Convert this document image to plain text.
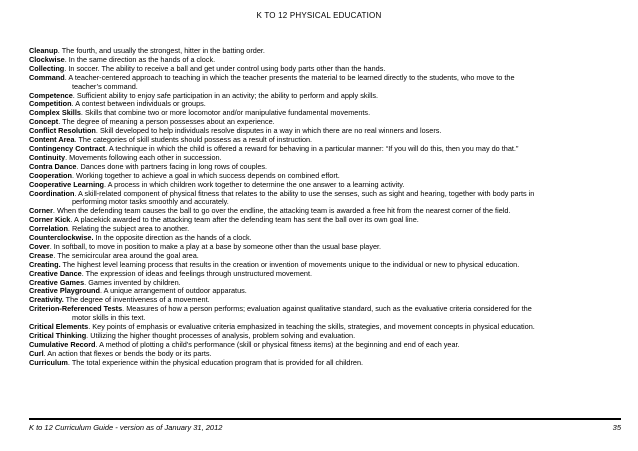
K TO 12 PHYSICAL EDUCATION

Cleanup. The fourth, and usually the strongest, hitter in the batting order.

Clockwise. In the same direction as the hands of a clock.

Collecting. In soccer. The ability to receive a ball and get under control using body parts other than the hands.

Command. A teacher-centered approach to teaching in which the teacher presents the material to be learned directly to the students, who move to the
teacher’s command.

Competence. Sufficient ability to enjoy safe participation in an activity; the ability to perform and apply skills.

Competition. A contest between individuals or groups.

Complex Skills. Skills that combine two or more locomotor and/or manipulative fundamental movements.

Concept. The degree of meaning a person possesses about an experience.

Conflict Resolution. Skill developed to help individuals resolve disputes in a way in which there are no real winners and losers.

Content Area. The categories of skill students should possess as a result of instruction.

Contingency Contract. A technique in which the child is offered a reward for behaving in a particular manner: “If you will do this, then you may do that.”

Continuity. Movements following each other in succession.

Contra Dance. Dances done with partners facing in long rows of couples.

Cooperation. Working together to achieve a goal in which success depends on combined effort.

Cooperative Learning. A process in which children work together to determine the one answer to a learning activity.

Coordination. A skill-related component of physical fitness that relates to the ability to use the senses, such as sight and hearing, together with body parts in
performing motor tasks smoothly and accurately.

Corner. When the defending team causes the ball to go over the endline, the attacking team is awarded a free hit from the nearest corner of the field.

Corner Kick. A placekick awarded to the attacking team after the defending team has sent the ball over its own goal line.

Correlation. Relating the subject area to another.

Counterclockwise. In the opposite direction as the hands of a clock.

Cover. In softball, to move in position to make a play at a base by someone other than the usual base player.

Crease. The semicircular area around the goal area.

Creating. The highest level learning process that results in the creation or invention of movements unique to the individual or new to physical education.

Creative Dance. The expression of ideas and feelings through unstructured movement.

Creative Games. Games invented by children.

Creative Playground. A unique arrangement of outdoor apparatus.

Creativity. The degree of inventiveness of a movement.

Criterion-Referenced Tests. Measures of how a person performs; evaluation against qualitative standard, such as the evaluative criteria considered for the
motor skills in this text.

Critical Elements. Key points of emphasis or evaluative criteria emphasized in teaching the skills, strategies, and movement concepts in physical education.

Critical Thinking. Utilizing the higher thought processes of analysis, problem solving and evaluation.

Cumulative Record. A method of plotting a child’s performance (skill or physical fitness items) at the beginning and end of each year.

Curl. An action that flexes or bends the body or its parts.

Curriculum. The total experience within the physical education program that is provided for all children.

K to 12 Curriculum Guide - version as of January 31, 2012	35
